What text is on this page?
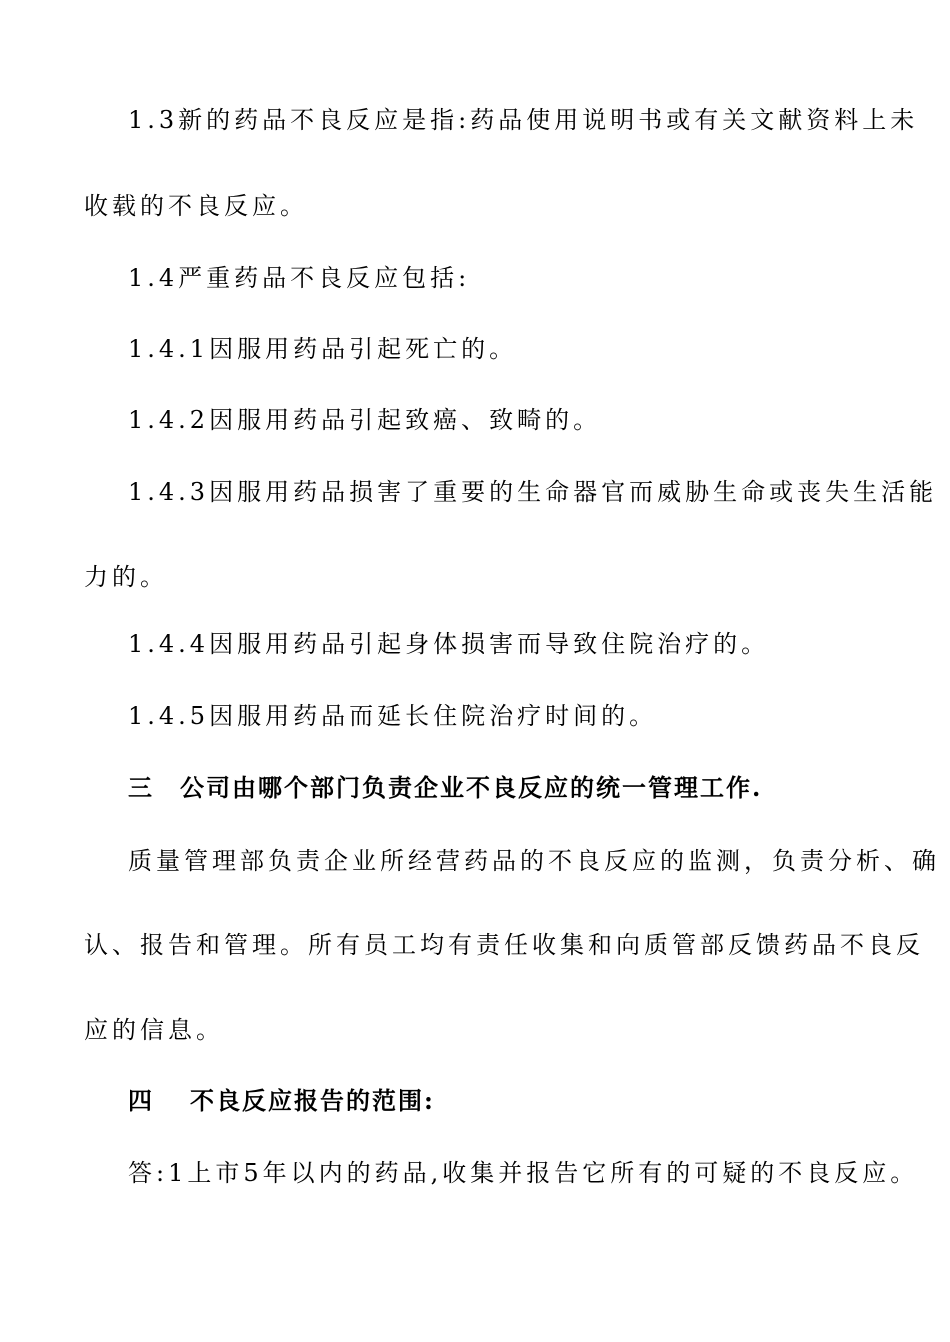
1.3新的药品不良反应是指:药品使用说明书或有关文献资料上未
收载的不良反应。
1.4严重药品不良反应包括:
1.4.1因服用药品引起死亡的。
1.4.2因服用药品引起致癌、致畸的。
1.4.3因服用药品损害了重要的生命器官而威胁生命或丧失生活能
力的。
1.4.4因服用药品引起身体损害而导致住院治疗的。
1.4.5因服用药品而延长住院治疗时间的。
三 公司由哪个部门负责企业不良反应的统一管理工作.
质量管理部负责企业所经营药品的不良反应的监测，负责分析、确
认、报告和管理。所有员工均有责任收集和向质管部反馈药品不良反
应的信息。
四 不良反应报告的范围:
答:1上市5年以内的药品,收集并报告它所有的可疑的不良反应。
